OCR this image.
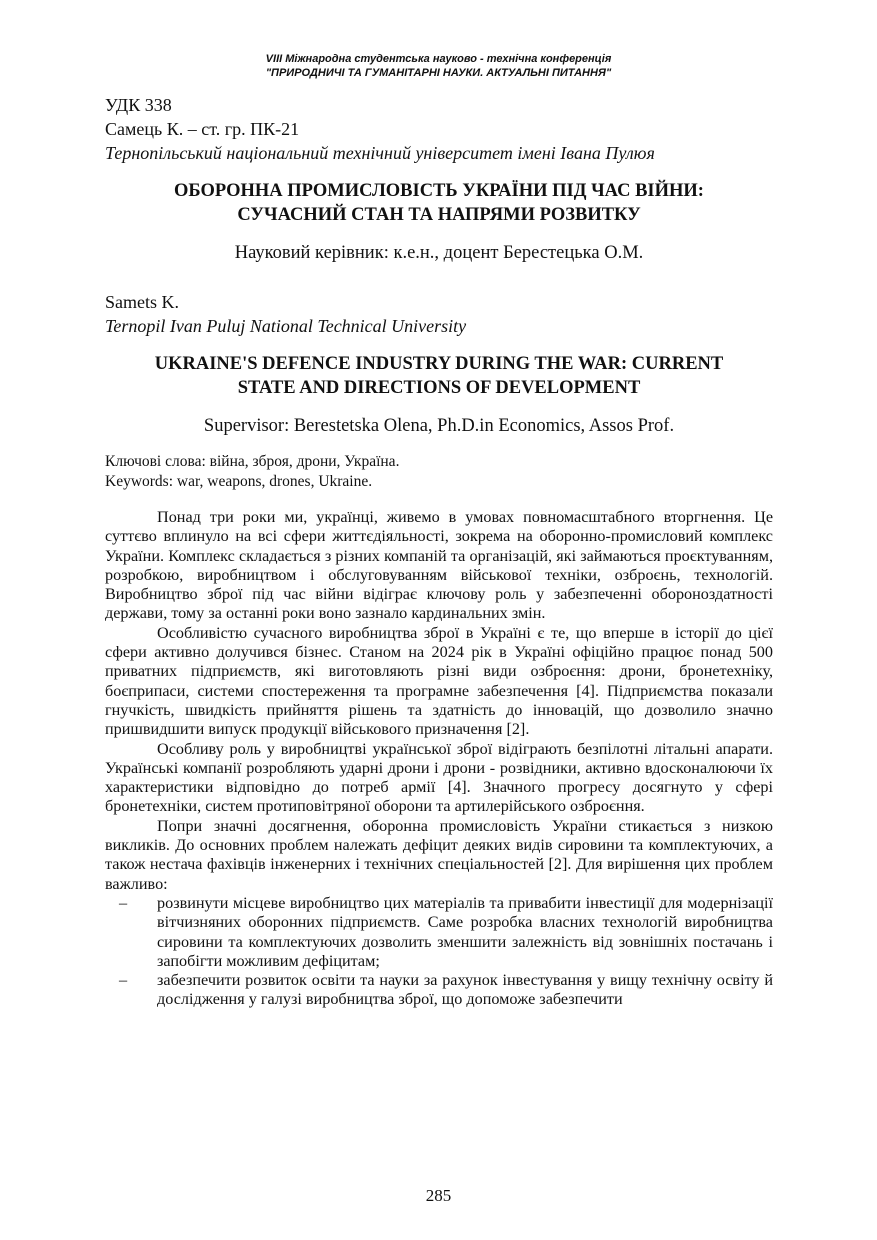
VIII Міжнародна студентська науково - технічна конференція
"ПРИРОДНИЧІ ТА ГУМАНІТАРНІ НАУКИ. АКТУАЛЬНІ ПИТАННЯ"
УДК 338
Самець К. – ст. гр. ПК-21
Тернопільський національний технічний університет імені Івана Пулюя
ОБОРОННА ПРОМИСЛОВІСТЬ УКРАЇНИ ПІД ЧАС ВІЙНИ:
СУЧАСНИЙ СТАН ТА НАПРЯМИ РОЗВИТКУ
Науковий керівник: к.е.н., доцент Берестецька О.М.
Samets K.
Ternopil Ivan Puluj National Technical University
UKRAINE'S DEFENCE INDUSTRY DURING THE WAR: CURRENT
STATE AND DIRECTIONS OF DEVELOPMENT
Supervisor: Berestetska Olena, Ph.D.in Economics, Assos Prof.
Ключові слова: війна, зброя, дрони, Україна.
Keywords: war, weapons, drones, Ukraine.

Понад три роки ми, українці, живемо в умовах повномасштабного вторгнення. Це суттєво вплинуло на всі сфери життєдіяльності, зокрема на оборонно-промисловий комплекс України. Комплекс складається з різних компаній та організацій, які займаються проєктуванням, розробкою, виробництвом і обслуговуванням військової техніки, озброєнь, технологій. Виробництво зброї під час війни відіграє ключову роль у забезпеченні обороноздатності держави, тому за останні роки воно зазнало кардинальних змін.

Особливістю сучасного виробництва зброї в Україні є те, що вперше в історії до цієї сфери активно долучився бізнес. Станом на 2024 рік в Україні офіційно працює понад 500 приватних підприємств, які виготовляють різні види озброєння: дрони, бронетехніку, боєприпаси, системи спостереження та програмне забезпечення [4]. Підприємства показали гнучкість, швидкість прийняття рішень та здатність до інновацій, що дозволило значно пришвидшити випуск продукції військового призначення [2].

Особливу роль у виробництві української зброї відіграють безпілотні літальні апарати. Українські компанії розробляють ударні дрони і дрони - розвідники, активно вдосконалюючи їх характеристики відповідно до потреб армії [4]. Значного прогресу досягнуто у сфері бронетехніки, систем протиповітряної оборони та артилерійського озброєння.

Попри значні досягнення, оборонна промисловість України стикається з низкою викликів. До основних проблем належать дефіцит деяких видів сировини та комплектуючих, а також нестача фахівців інженерних і технічних спеціальностей [2]. Для вирішення цих проблем важливо:

– розвинути місцеве виробництво цих матеріалів та привабити інвестиції для модернізації вітчизняних оборонних підприємств. Саме розробка власних технологій виробництва сировини та комплектуючих дозволить зменшити залежність від зовнішніх постачань і запобігти можливим дефіцитам;
– забезпечити розвиток освіти та науки за рахунок інвестування у вищу технічну освіту й дослідження у галузі виробництва зброї, що допоможе забезпечити
285
